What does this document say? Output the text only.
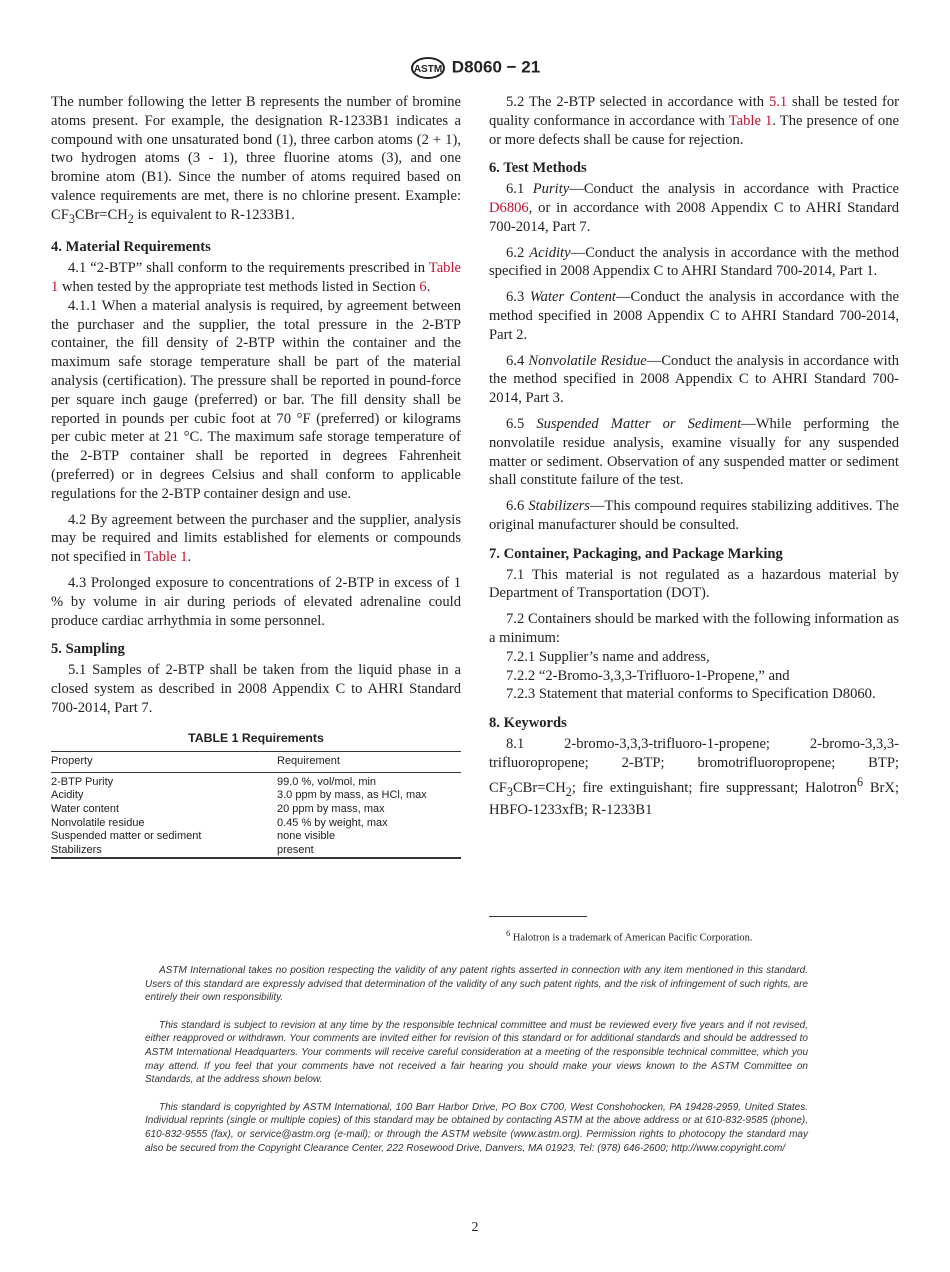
ASTM D8060 − 21

The number following the letter B represents the number of bromine atoms present. For example, the designation R-1233B1 indicates a compound with one unsaturated bond (1), three carbon atoms (2 + 1), two hydrogen atoms (3 - 1), three fluorine atoms (3), and one bromine atom (B1). Since the number of atoms required based on valence requirements are met, there is no chlorine present. Example: $CF_3CBr=CH_2$ is equivalent to R-1233B1.

4. Material Requirements

4.1 “2-BTP” shall conform to the requirements prescribed in Table 1 when tested by the appropriate test methods listed in Section 6.

4.1.1 When a material analysis is required, by agreement between the purchaser and the supplier, the total pressure in the 2-BTP container, the fill density of 2-BTP within the container and the maximum safe storage temperature shall be part of the material analysis (certification). The pressure shall be reported in pound-force per square inch gauge (preferred) or bar. The fill density shall be reported in pounds per cubic foot at 70 °F (preferred) or kilograms per cubic meter at 21 °C. The maximum safe storage temperature of the 2-BTP container shall be reported in degrees Fahrenheit (preferred) or in degrees Celsius and shall conform to applicable regulations for the 2-BTP container design and use.

4.2 By agreement between the purchaser and the supplier, analysis may be required and limits established for elements or compounds not specified in Table 1.

4.3 Prolonged exposure to concentrations of 2-BTP in excess of 1 % by volume in air during periods of elevated adrenaline could produce cardiac arrhythmia in some personnel.

5. Sampling

5.1 Samples of 2-BTP shall be taken from the liquid phase in a closed system as described in 2008 Appendix C to AHRI Standard 700-2014, Part 7.

TABLE 1 Requirements
Property	Requirement
2-BTP Purity	99.0 %, vol/mol, min
Acidity	3.0 ppm by mass, as HCl, max
Water content	20 ppm by mass, max
Nonvolatile residue	0.45 % by weight, max
Suspended matter or sediment	none visible
Stabilizers	present

5.2 The 2-BTP selected in accordance with 5.1 shall be tested for quality conformance in accordance with Table 1. The presence of one or more defects shall be cause for rejection.

6. Test Methods

6.1 Purity—Conduct the analysis in accordance with Practice D6806, or in accordance with 2008 Appendix C to AHRI Standard 700-2014, Part 7.

6.2 Acidity—Conduct the analysis in accordance with the method specified in 2008 Appendix C to AHRI Standard 700-2014, Part 1.

6.3 Water Content—Conduct the analysis in accordance with the method specified in 2008 Appendix C to AHRI Standard 700-2014, Part 2.

6.4 Nonvolatile Residue—Conduct the analysis in accordance with the method specified in 2008 Appendix C to AHRI Standard 700-2014, Part 3.

6.5 Suspended Matter or Sediment—While performing the nonvolatile residue analysis, examine visually for any suspended matter or sediment. Observation of any suspended matter or sediment shall constitute failure of the test.

6.6 Stabilizers—This compound requires stabilizing additives. The original manufacturer should be consulted.

7. Container, Packaging, and Package Marking

7.1 This material is not regulated as a hazardous material by Department of Transportation (DOT).

7.2 Containers should be marked with the following information as a minimum:

7.2.1 Supplier’s name and address,

7.2.2 “2-Bromo-3,3,3-Trifluoro-1-Propene,” and

7.2.3 Statement that material conforms to Specification D8060.

8. Keywords

8.1 2-bromo-3,3,3-trifluoro-1-propene; 2-bromo-3,3,3-trifluoropropene; 2-BTP; bromotrifluoropropene; BTP; $CF_3CBr=CH_2$; fire extinguishant; fire suppressant; Halotron$^6$ BrX; HBFO-1233xfB; R-1233B1

$^6$ Halotron is a trademark of American Pacific Corporation.

ASTM International takes no position respecting the validity of any patent rights asserted in connection with any item mentioned in this standard. Users of this standard are expressly advised that determination of the validity of any such patent rights, and the risk of infringement of such rights, are entirely their own responsibility.

This standard is subject to revision at any time by the responsible technical committee and must be reviewed every five years and if not revised, either reapproved or withdrawn. Your comments are invited either for revision of this standard or for additional standards and should be addressed to ASTM International Headquarters. Your comments will receive careful consideration at a meeting of the responsible technical committee, which you may attend. If you feel that your comments have not received a fair hearing you should make your views known to the ASTM Committee on Standards, at the address shown below.

This standard is copyrighted by ASTM International, 100 Barr Harbor Drive, PO Box C700, West Conshohocken, PA 19428-2959, United States. Individual reprints (single or multiple copies) of this standard may be obtained by contacting ASTM at the above address or at 610-832-9585 (phone), 610-832-9555 (fax), or service@astm.org (e-mail); or through the ASTM website (www.astm.org). Permission rights to photocopy the standard may also be secured from the Copyright Clearance Center, 222 Rosewood Drive, Danvers, MA 01923, Tel: (978) 646-2600; http://www.copyright.com/

2
